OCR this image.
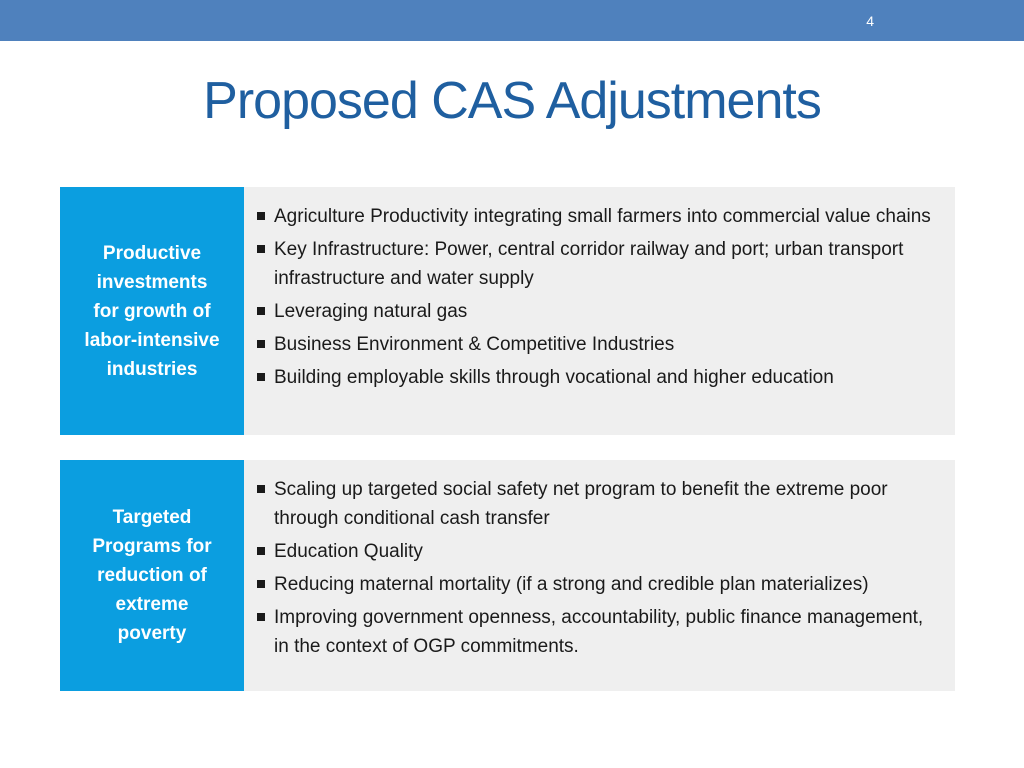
4
Proposed CAS Adjustments
Productive
investments
for growth of
labor-intensive
industries
Agriculture Productivity integrating small farmers into commercial value chains
Key Infrastructure: Power, central corridor railway and port; urban transport infrastructure and water supply
Leveraging natural gas
Business Environment & Competitive Industries
Building employable skills through vocational and higher education
Targeted
Programs for
reduction of
extreme
poverty
Scaling up targeted social safety net program to benefit the extreme poor through conditional cash transfer
Education Quality
Reducing maternal mortality (if a strong and credible plan materializes)
Improving government openness, accountability, public finance management, in the context of OGP commitments.
